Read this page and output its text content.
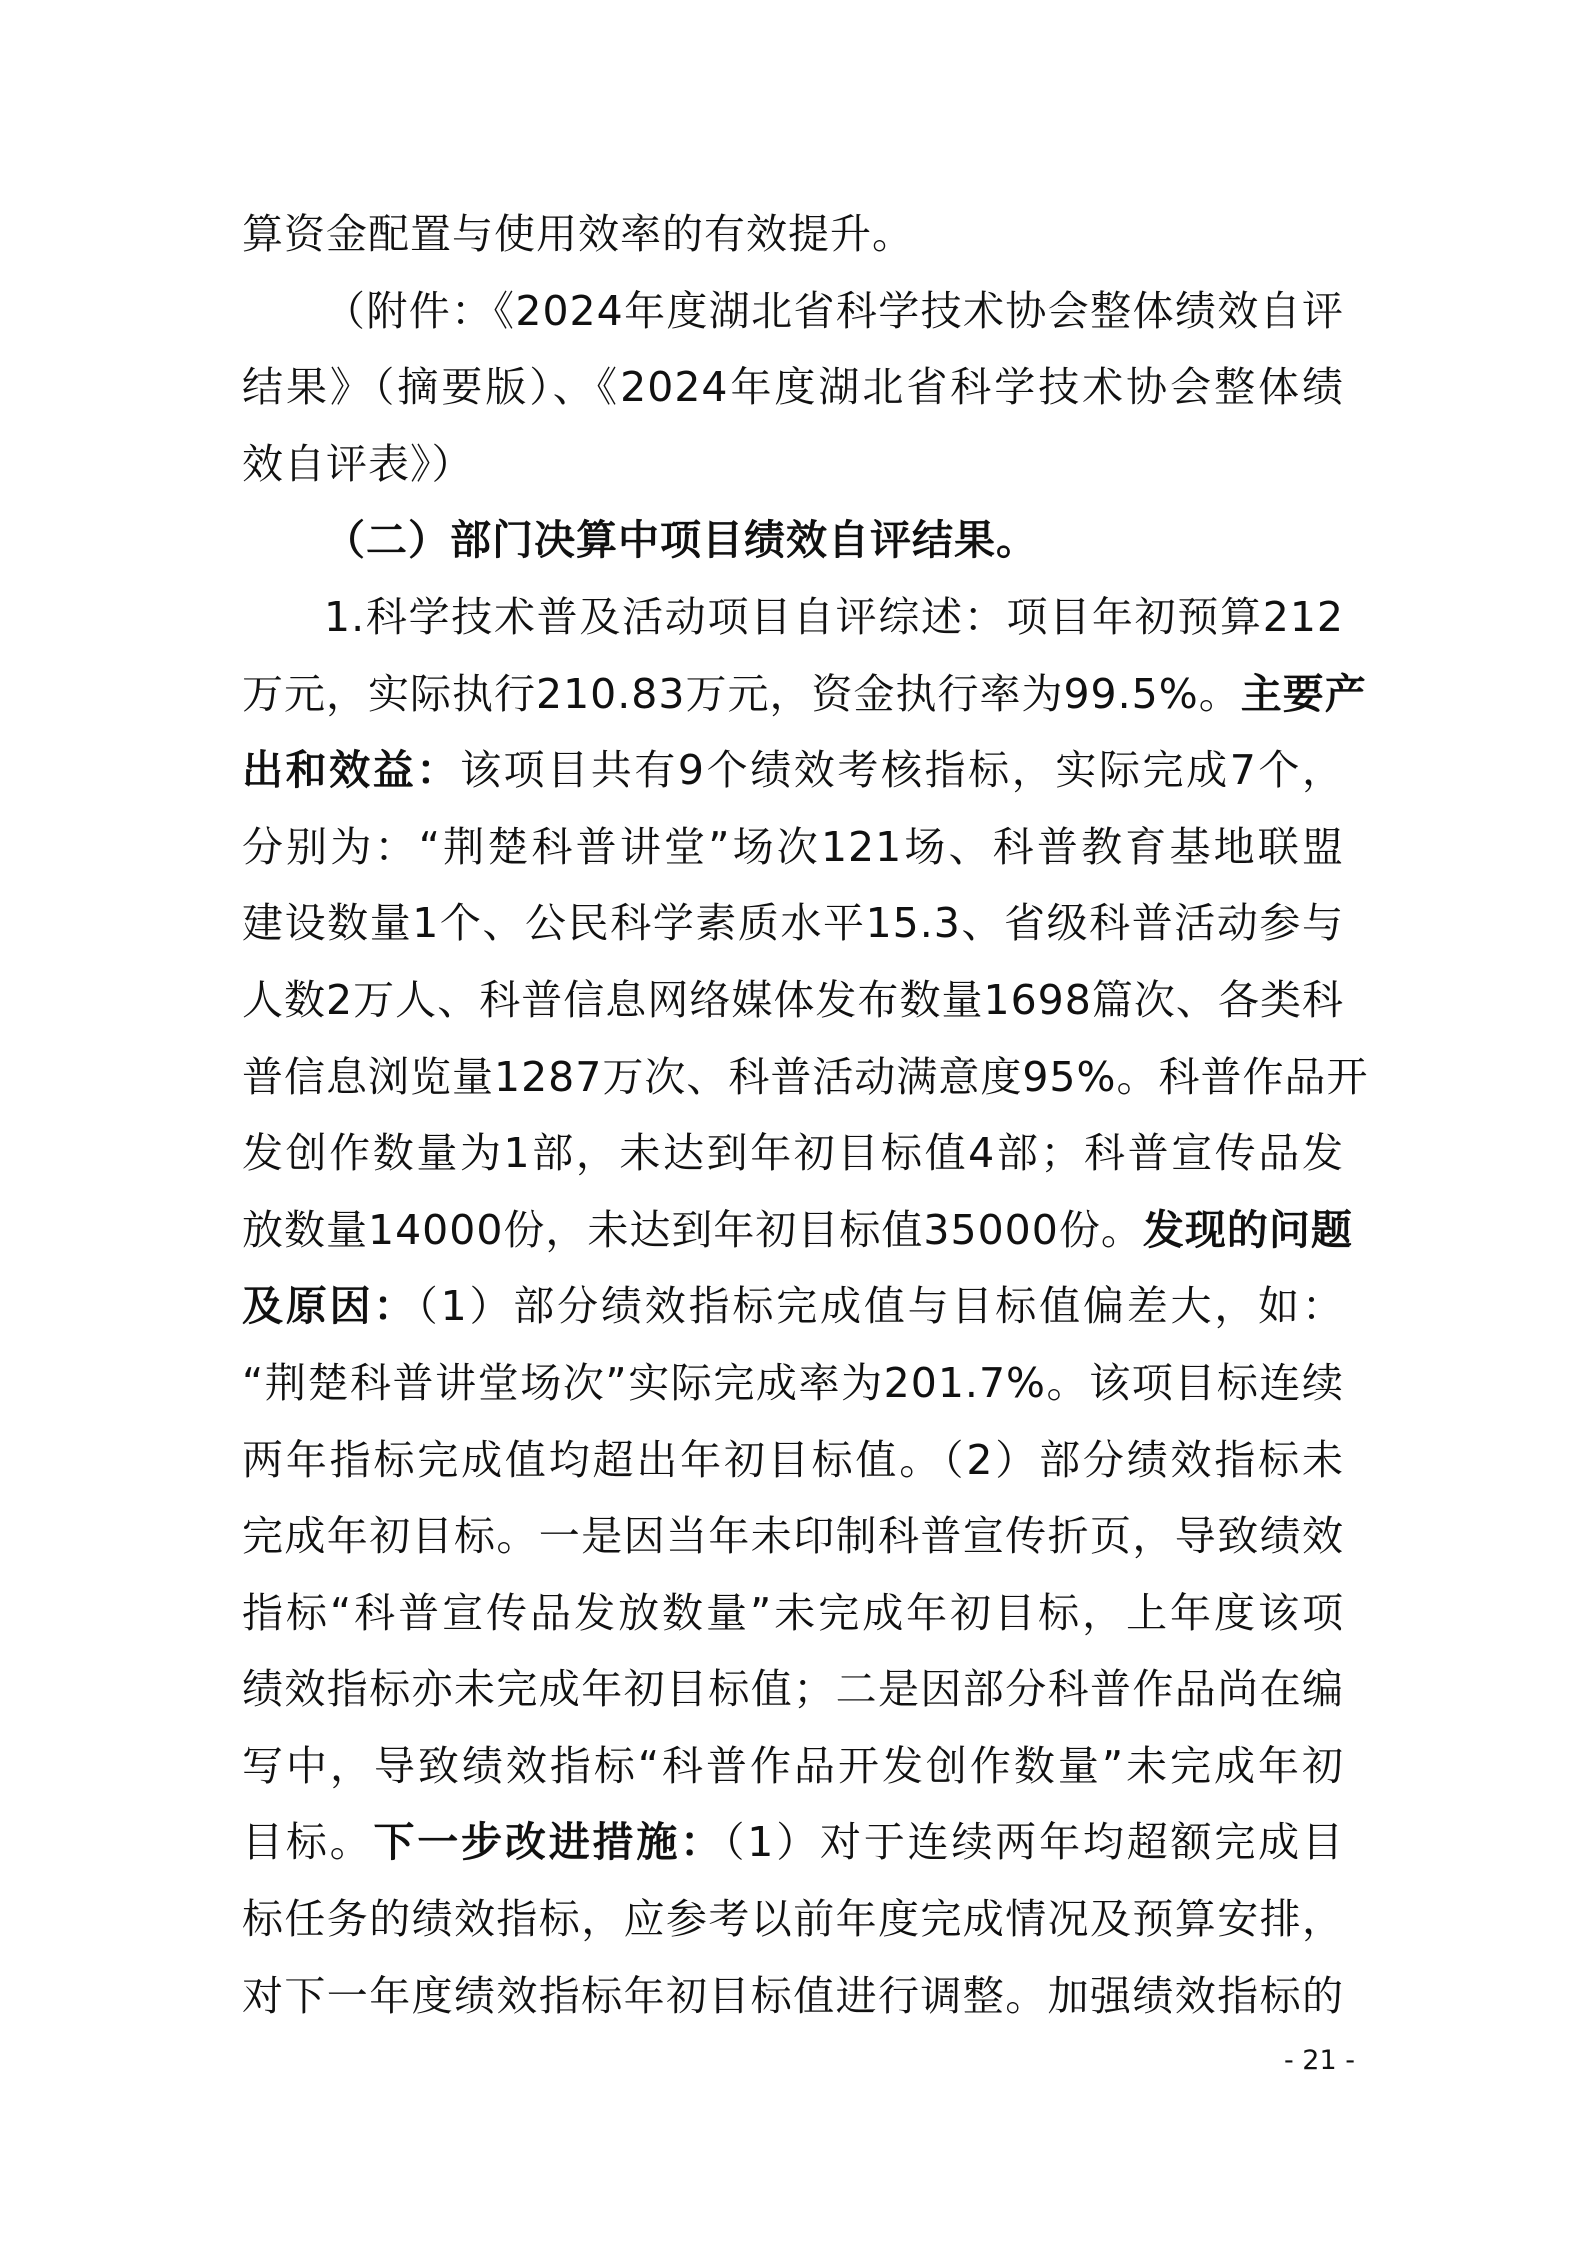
算资金配置与使用效率的有效提升。
（附件：《2024年度湖北省科学技术协会整体绩效自评
结果》（摘要版）、《2024年度湖北省科学技术协会整体绩
效自评表》）
（二）部门决算中项目绩效自评结果。
1.科学技术普及活动项目自评综述：项目年初预算212
万元，实际执行210.83万元，资金执行率为99.5%。主要产
出和效益：该项目共有9个绩效考核指标，实际完成7个，
分别为：“荆楚科普讲堂”场次121场、科普教育基地联盟
建设数量1个、公民科学素质水平15.3、省级科普活动参与
人数2万人、科普信息网络媒体发布数量1698篇次、各类科
普信息浏览量1287万次、科普活动满意度95%。科普作品开
发创作数量为1部，未达到年初目标值4部；科普宣传品发
放数量14000份，未达到年初目标值35000份。发现的问题
及原因：（1）部分绩效指标完成值与目标值偏差大，如：
“荆楚科普讲堂场次”实际完成率为201.7%。该项目标连续
两年指标完成值均超出年初目标值。（2）部分绩效指标未
完成年初目标。一是因当年未印制科普宣传折页，导致绩效
指标“科普宣传品发放数量”未完成年初目标，上年度该项
绩效指标亦未完成年初目标值；二是因部分科普作品尚在编
写中，导致绩效指标“科普作品开发创作数量”未完成年初
目标。下一步改进措施：（1）对于连续两年均超额完成目
标任务的绩效指标，应参考以前年度完成情况及预算安排，
对下一年度绩效指标年初目标值进行调整。加强绩效指标的
- 21 -
